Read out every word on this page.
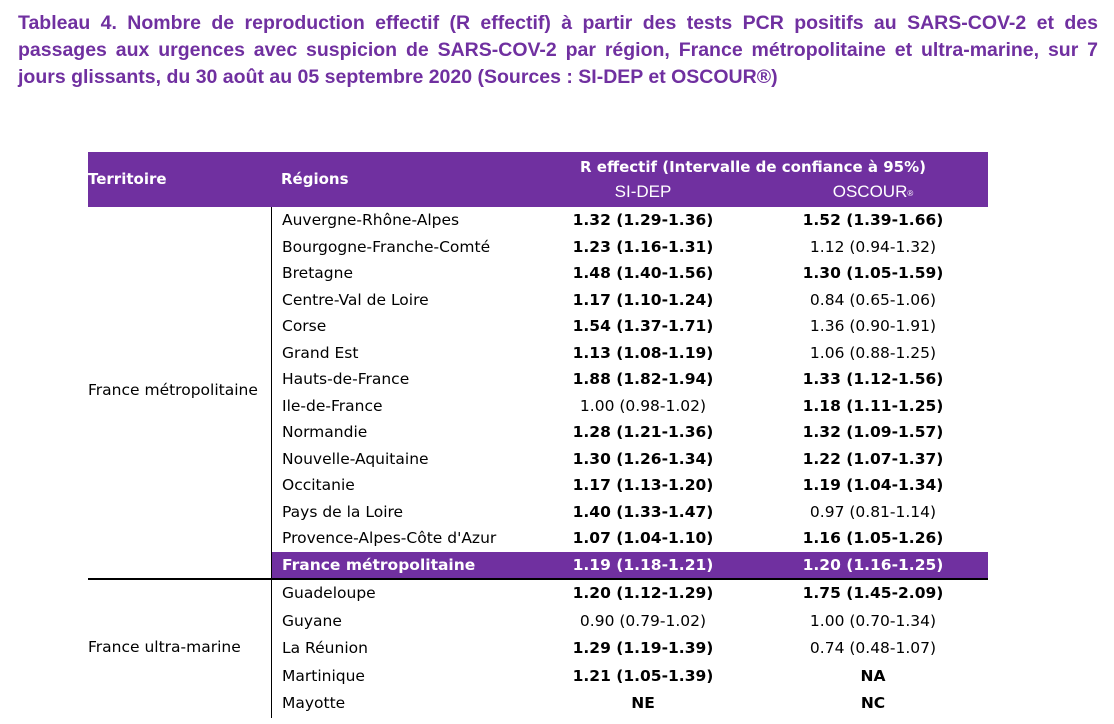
Tableau 4. Nombre de reproduction effectif (R effectif) à partir des tests PCR positifs au SARS-COV-2 et des passages aux urgences avec suspicion de SARS-COV-2 par région, France métropolitaine et ultra-marine, sur 7 jours glissants, du 30 août au 05 septembre 2020 (Sources : SI-DEP et OSCOUR®)
Territoire	Régions
R effectif (Intervalle de confiance à 95%)
SI-DEP	OSCOUR®
France métropolitaine
Auvergne-Rhône-Alpes	1.32 (1.29-1.36)	1.52 (1.39-1.66)
Bourgogne-Franche-Comté	1.23 (1.16-1.31)	1.12 (0.94-1.32)
Bretagne	1.48 (1.40-1.56)	1.30 (1.05-1.59)
Centre-Val de Loire	1.17 (1.10-1.24)	0.84 (0.65-1.06)
Corse	1.54 (1.37-1.71)	1.36 (0.90-1.91)
Grand Est	1.13 (1.08-1.19)	1.06 (0.88-1.25)
Hauts-de-France	1.88 (1.82-1.94)	1.33 (1.12-1.56)
Ile-de-France	1.00 (0.98-1.02)	1.18 (1.11-1.25)
Normandie	1.28 (1.21-1.36)	1.32 (1.09-1.57)
Nouvelle-Aquitaine	1.30 (1.26-1.34)	1.22 (1.07-1.37)
Occitanie	1.17 (1.13-1.20)	1.19 (1.04-1.34)
Pays de la Loire	1.40 (1.33-1.47)	0.97 (0.81-1.14)
Provence-Alpes-Côte d'Azur	1.07 (1.04-1.10)	1.16 (1.05-1.26)
France métropolitaine	1.19 (1.18-1.21)	1.20 (1.16-1.25)
France ultra-marine
Guadeloupe	1.20 (1.12-1.29)	1.75 (1.45-2.09)
Guyane	0.90 (0.79-1.02)	1.00 (0.70-1.34)
La Réunion	1.29 (1.19-1.39)	0.74 (0.48-1.07)
Martinique	1.21 (1.05-1.39)	NA
Mayotte	NE	NC
